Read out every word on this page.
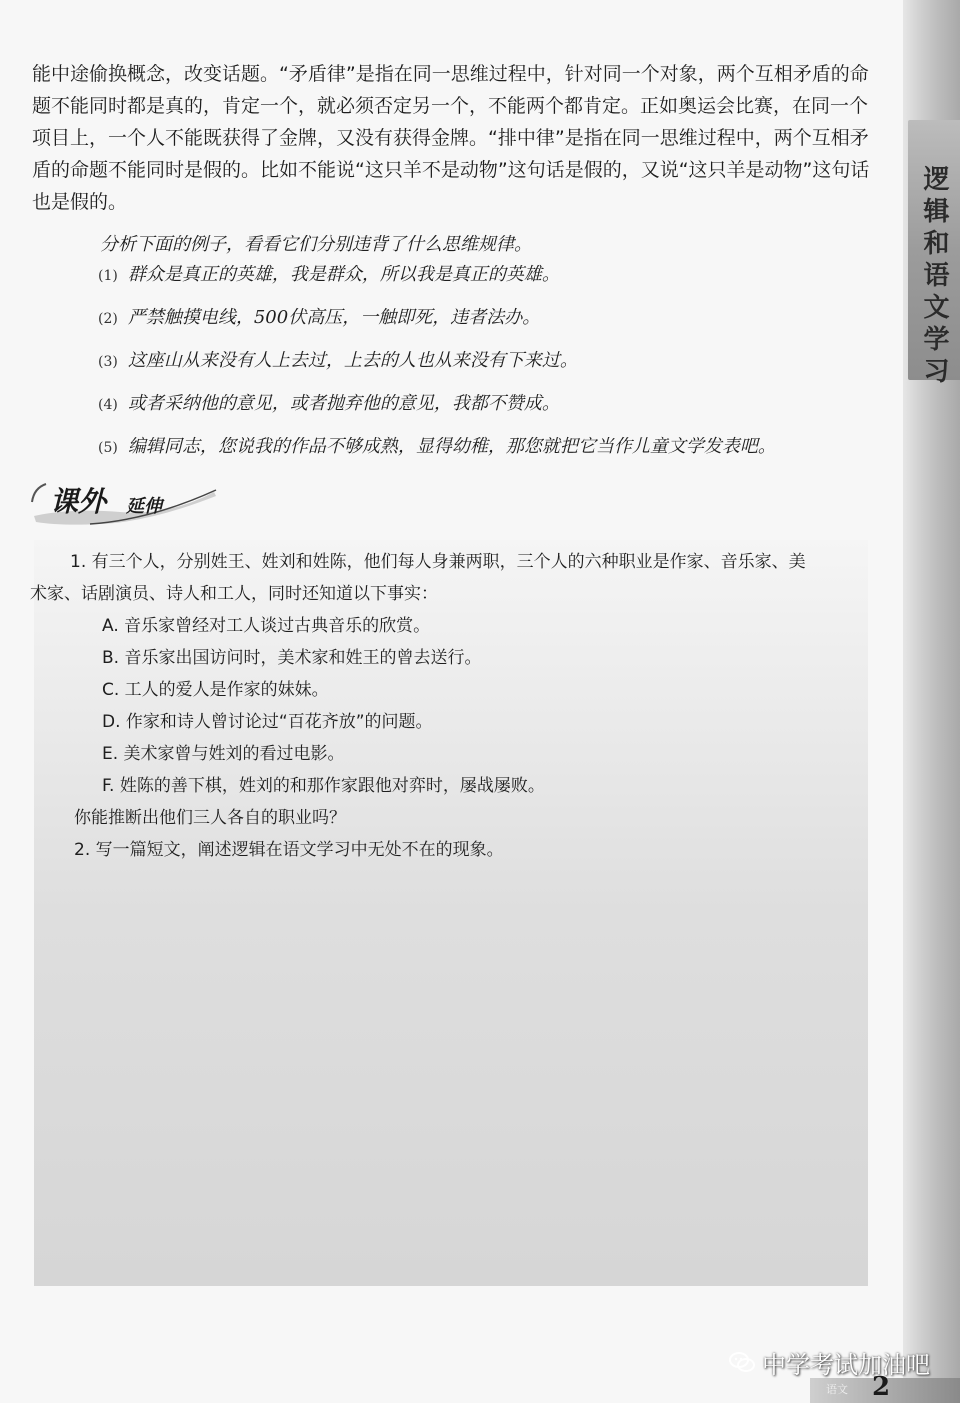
逻辑和语文学习
能中途偷换概念，改变话题。“矛盾律”是指在同一思维过程中，针对同一个对象，两个互相矛盾的命题不能同时都是真的，肯定一个，就必须否定另一个，不能两个都肯定。正如奥运会比赛，在同一个项目上，一个人不能既获得了金牌，又没有获得金牌。“排中律”是指在同一思维过程中，两个互相矛盾的命题不能同时是假的。比如不能说“这只羊不是动物”这句话是假的，又说“这只羊是动物”这句话也是假的。
分析下面的例子，看看它们分别违背了什么思维规律。
(1) 群众是真正的英雄，我是群众，所以我是真正的英雄。
(2) 严禁触摸电线，500伏高压，一触即死，违者法办。
(3) 这座山从来没有人上去过，上去的人也从来没有下来过。
(4) 或者采纳他的意见，或者抛弃他的意见，我都不赞成。
(5) 编辑同志，您说我的作品不够成熟，显得幼稚，那您就把它当作儿童文学发表吧。
课外 延伸
1. 有三个人，分别姓王、姓刘和姓陈，他们每人身兼两职，三个人的六种职业是作家、音乐家、美
术家、话剧演员、诗人和工人，同时还知道以下事实：
A. 音乐家曾经对工人谈过古典音乐的欣赏。
B. 音乐家出国访问时，美术家和姓王的曾去送行。
C. 工人的爱人是作家的妹妹。
D. 作家和诗人曾讨论过“百花齐放”的问题。
E. 美术家曾与姓刘的看过电影。
F. 姓陈的善下棋，姓刘的和那作家跟他对弈时，屡战屡败。
你能推断出他们三人各自的职业吗？
2. 写一篇短文，阐述逻辑在语文学习中无处不在的现象。
语文 2
中学考试加油吧
